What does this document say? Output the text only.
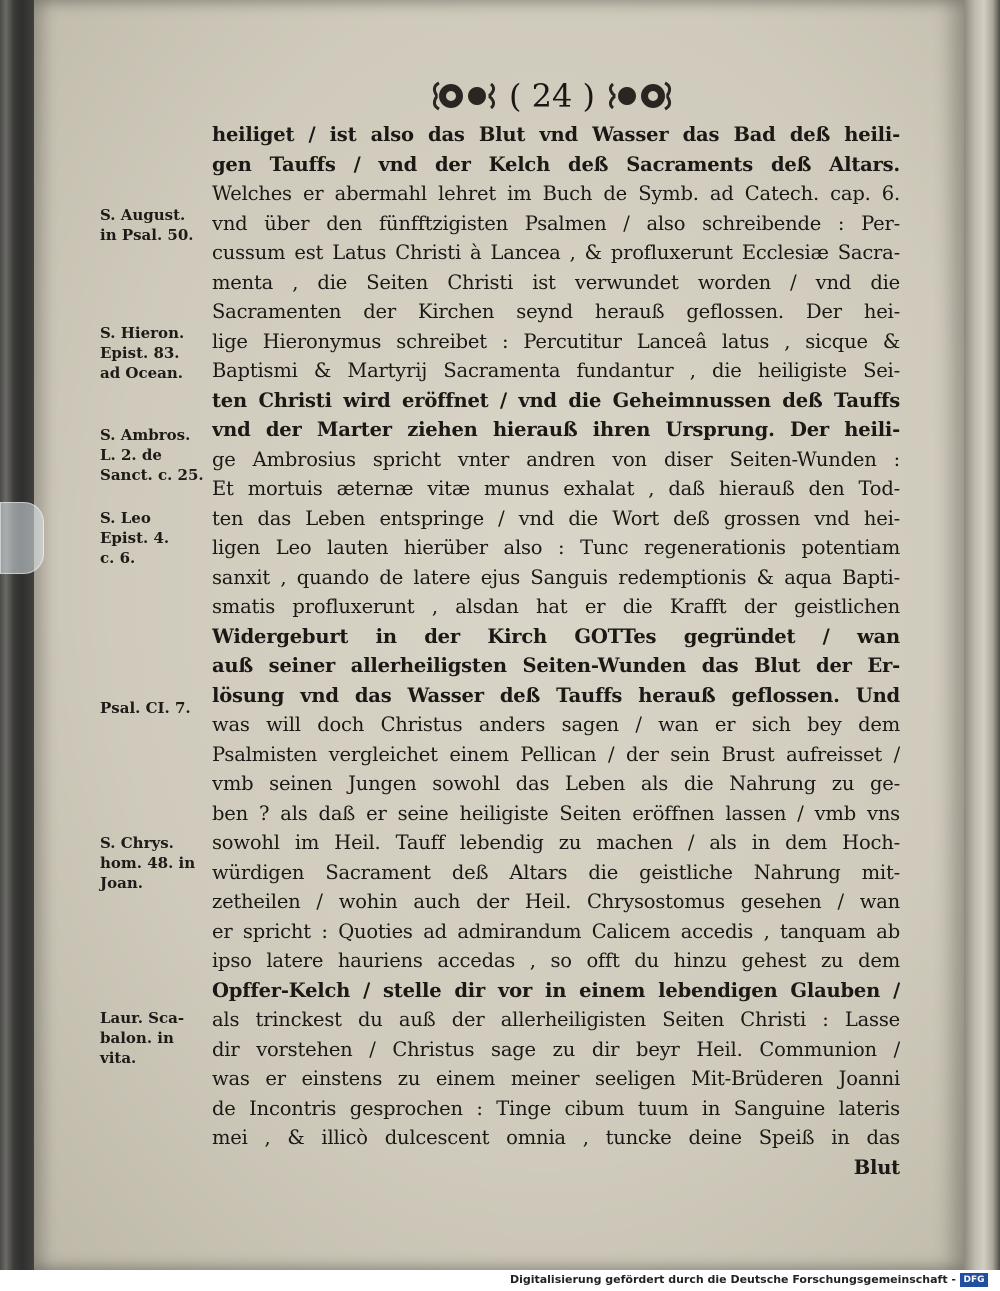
( 24 )
S. August.
in Psal. 50.
S. Hieron.
Epist. 83.
ad Ocean.
S. Ambros.
L. 2. de
Sanct. c. 25.
S. Leo
Epist. 4.
c. 6.
Psal. CI. 7.
S. Chrys.
hom. 48. in
Joan.
Laur. Sca-
balon. in
vita.
heiliget / ist also das Blut vnd Wasser das Bad deß heili-
gen Tauffs / vnd der Kelch deß Sacraments deß Altars.
Welches er abermahl lehret im Buch de Symb. ad Catech. cap. 6.
vnd über den fünfftzigisten Psalmen / also schreibende : Per-
cussum est Latus Christi à Lancea , & profluxerunt Ecclesiæ Sacra-
menta , die Seiten Christi ist verwundet worden / vnd die
Sacramenten der Kirchen seynd herauß geflossen. Der hei-
lige Hieronymus schreibet : Percutitur Lanceâ latus , sicque &
Baptismi & Martyrij Sacramenta fundantur , die heiligiste Sei-
ten Christi wird eröffnet / vnd die Geheimnussen deß Tauffs
vnd der Marter ziehen hierauß ihren Ursprung. Der heili-
ge Ambrosius spricht vnter andren von diser Seiten-Wunden :
Et mortuis æternæ vitæ munus exhalat , daß hierauß den Tod-
ten das Leben entspringe / vnd die Wort deß grossen vnd hei-
ligen Leo lauten hierüber also : Tunc regenerationis potentiam
sanxit , quando de latere ejus Sanguis redemptionis & aqua Bapti-
smatis profluxerunt , alsdan hat er die Krafft der geistlichen
Widergeburt in der Kirch GOTTes gegründet / wan
auß seiner allerheiligsten Seiten-Wunden das Blut der Er-
lösung vnd das Wasser deß Tauffs herauß geflossen. Und
was will doch Christus anders sagen / wan er sich bey dem
Psalmisten vergleichet einem Pellican / der sein Brust aufreisset /
vmb seinen Jungen sowohl das Leben als die Nahrung zu ge-
ben ? als daß er seine heiligiste Seiten eröffnen lassen / vmb vns
sowohl im Heil. Tauff lebendig zu machen / als in dem Hoch-
würdigen Sacrament deß Altars die geistliche Nahrung mit-
zetheilen / wohin auch der Heil. Chrysostomus gesehen / wan
er spricht : Quoties ad admirandum Calicem accedis , tanquam ab
ipso latere hauriens accedas , so offt du hinzu gehest zu dem
Opffer-Kelch / stelle dir vor in einem lebendigen Glauben /
als trinckest du auß der allerheiligisten Seiten Christi : Lasse
dir vorstehen / Christus sage zu dir beyr Heil. Communion /
was er einstens zu einem meiner seeligen Mit-Brüderen Joanni
de Incontris gesprochen : Tinge cibum tuum in Sanguine lateris
mei , & illicò dulcescent omnia , tuncke deine Speiß in das
Blut
Digitalisierung gefördert durch die Deutsche Forschungsgemeinschaft - DFG
